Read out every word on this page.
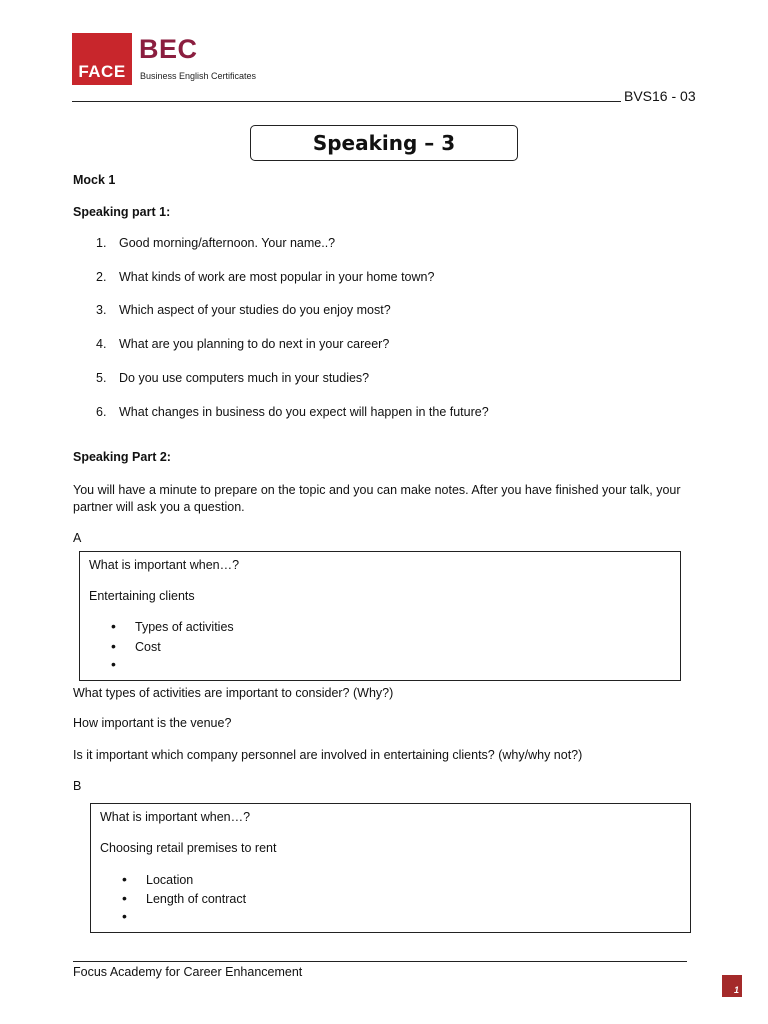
FACE
BEC
Business English Certificates
BVS16 - 03
Speaking – 3
Mock 1
Speaking part 1:
1. Good morning/afternoon. Your name..?
2. What kinds of work are most popular in your home town?
3. Which aspect of your studies do you enjoy most?
4. What are you planning to do next in your career?
5. Do you use computers much in your studies?
6. What changes in business do you expect will happen in the future?
Speaking Part 2:
You will have a minute to prepare on the topic and you can make notes. After you have finished your talk, your partner will ask you a question.
A
What is important when…?
Entertaining clients
• Types of activities
• Cost
•
What types of activities are important to consider? (Why?)
How important is the venue?
Is it important which company personnel are involved in entertaining clients? (why/why not?)
B
What is important when…?
Choosing retail premises to rent
• Location
• Length of contract
•
Focus Academy for Career Enhancement
1
